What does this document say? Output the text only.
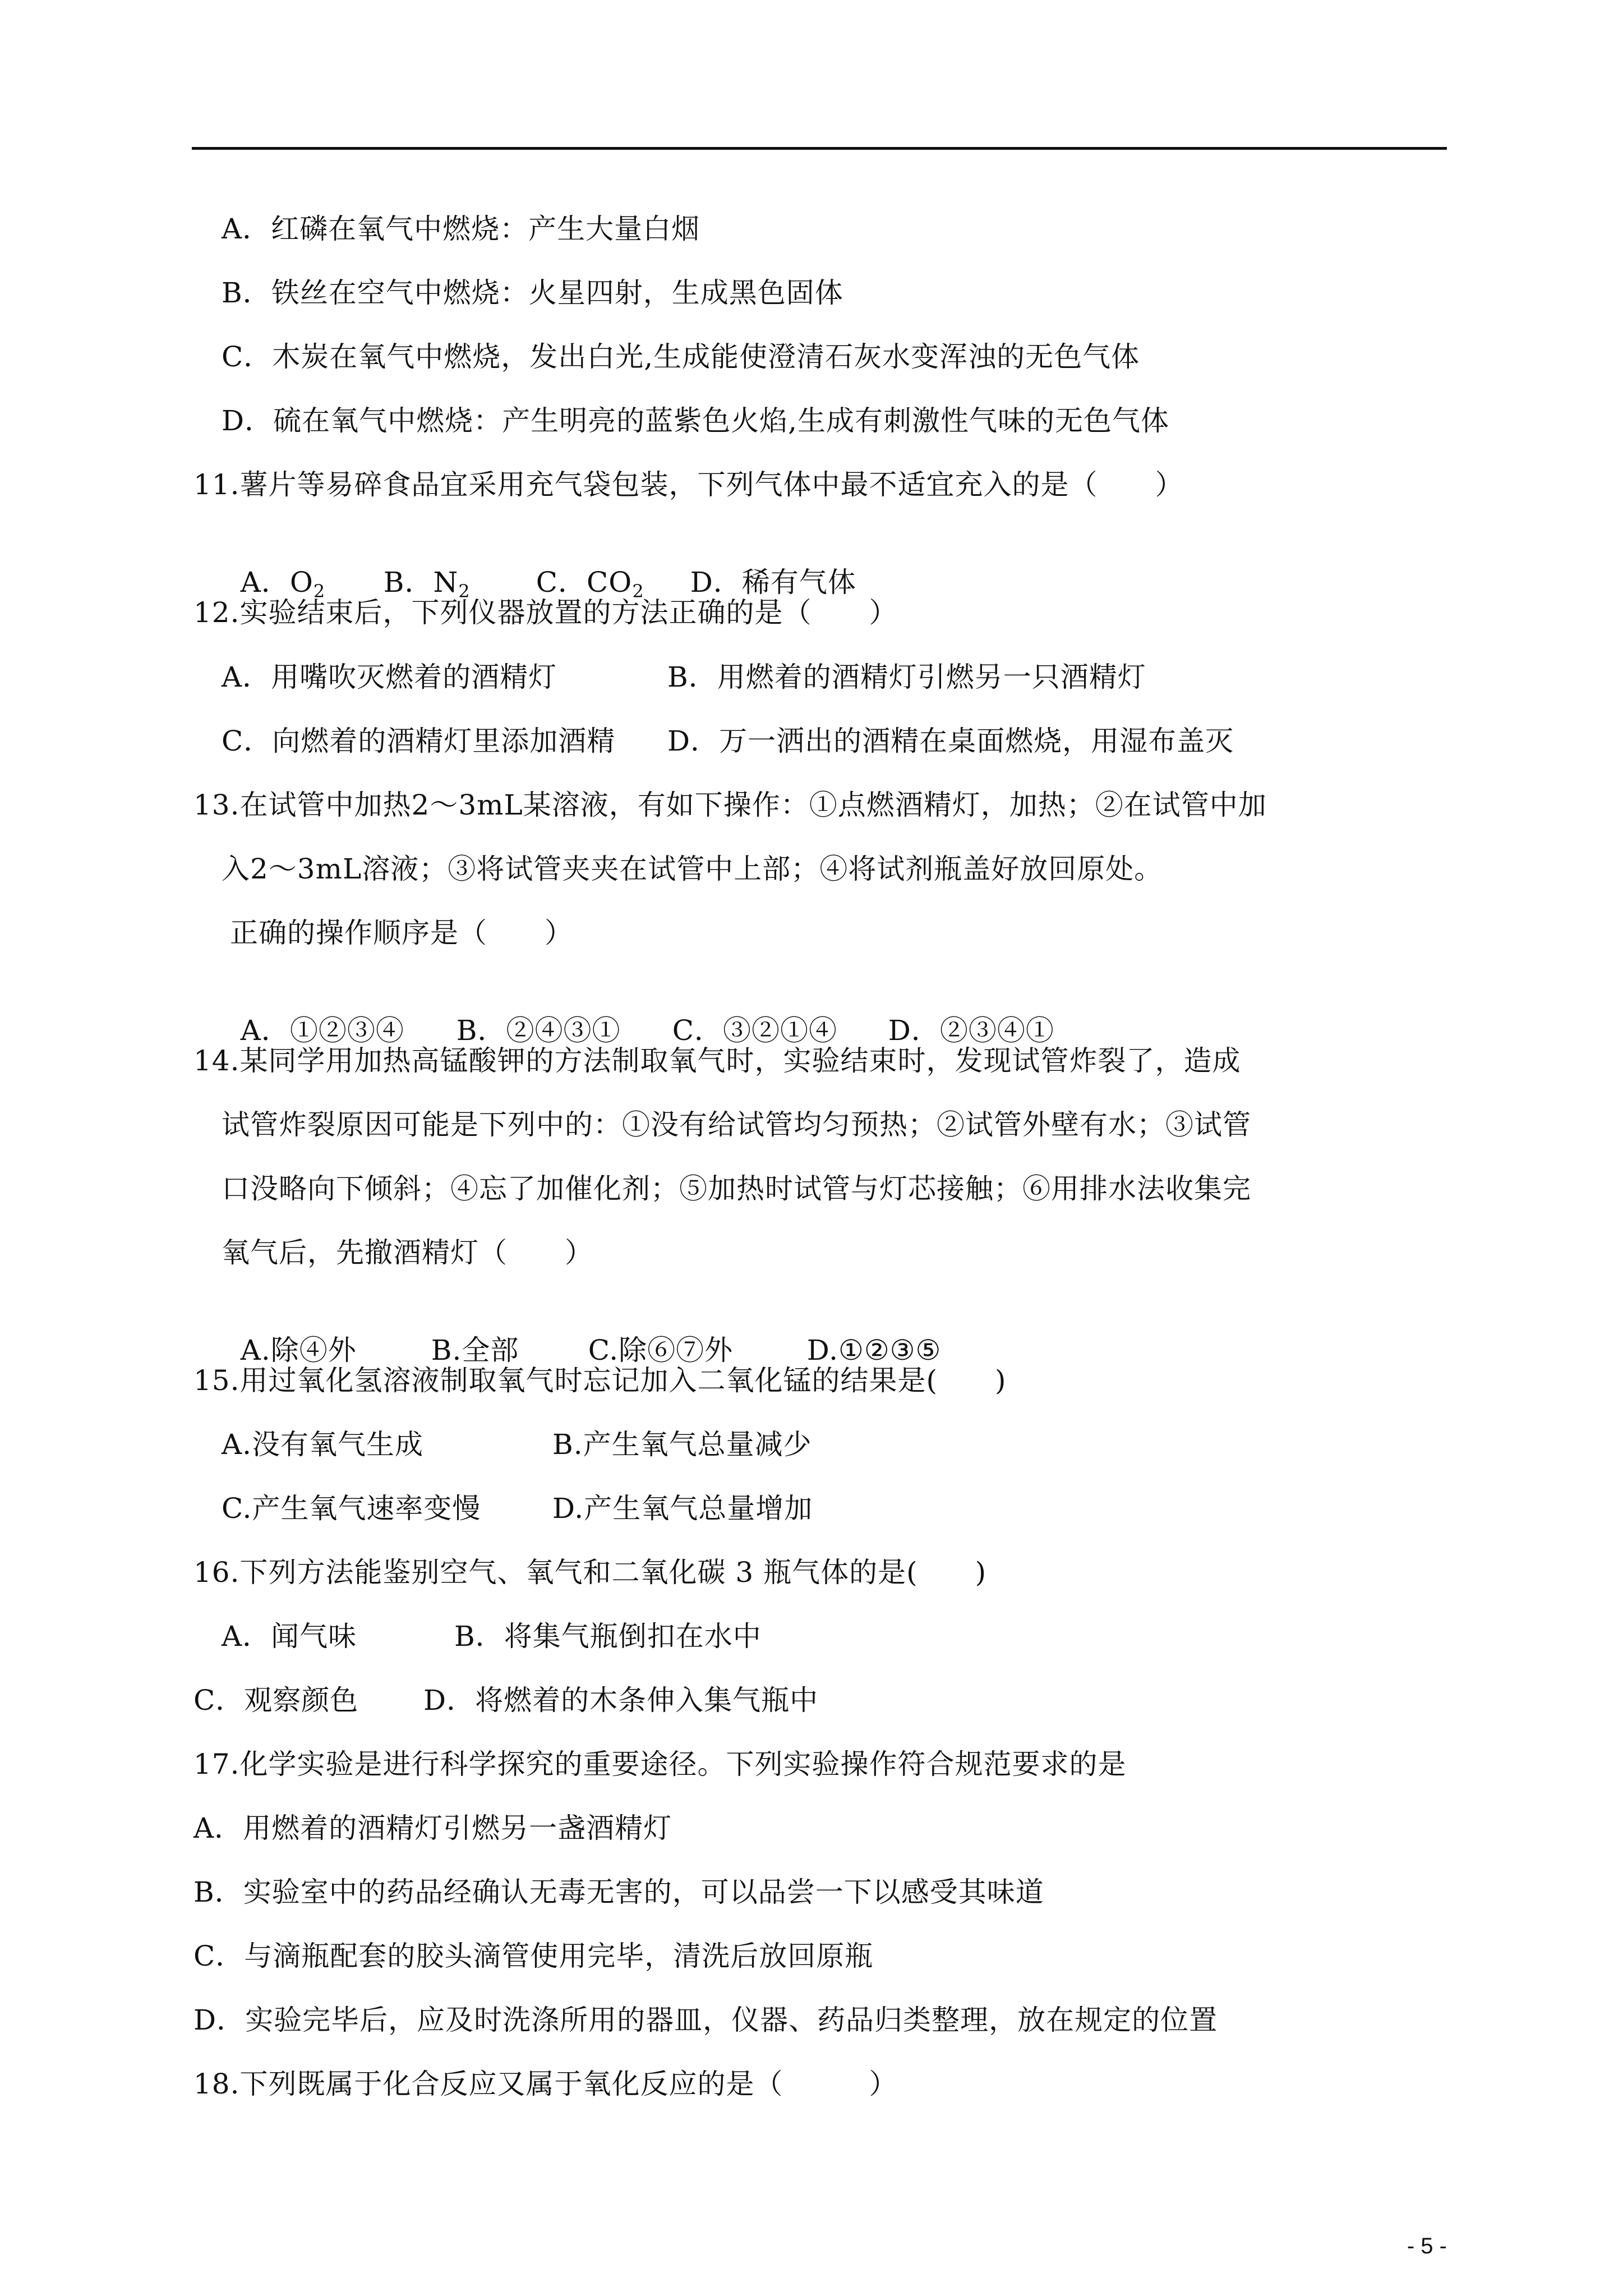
A．红磷在氧气中燃烧：产生大量白烟
B．铁丝在空气中燃烧：火星四射，生成黑色固体
C．木炭在氧气中燃烧，发出白光,生成能使澄清石灰水变浑浊的无色气体
D．硫在氧气中燃烧：产生明亮的蓝紫色火焰,生成有刺激性气味的无色气体
11.薯片等易碎食品宜采用充气袋包装，下列气体中最不适宜充入的是（　　）

A．$O_2$ B．$N_2$ C．$CO_2$ D．稀有气体

12.实验结束后，下列仪器放置的方法正确的是（　　）
A．用嘴吹灭燃着的酒精灯	B．用燃着的酒精灯引燃另一只酒精灯
C．向燃着的酒精灯里添加酒精 D．万一洒出的酒精在桌面燃烧，用湿布盖灭
13.在试管中加热2～3mL某溶液，有如下操作：①点燃酒精灯，加热；②在试管中加
入2～3mL溶液；③将试管夹夹在试管中上部；④将试剂瓶盖好放回原处。
正确的操作顺序是（　　）

A．①②③④ B．②④③① C．③②①④ D．②③④①

14.某同学用加热高锰酸钾的方法制取氧气时，实验结束时，发现试管炸裂了，造成
试管炸裂原因可能是下列中的：①没有给试管均匀预热；②试管外壁有水；③试管
口没略向下倾斜；④忘了加催化剂；⑤加热时试管与灯芯接触；⑥用排水法收集完
氧气后，先撤酒精灯（　　）

A.除④外	B.全部 C.除⑥⑦外	D.①②③⑤

15.用过氧化氢溶液制取氧气时忘记加入二氧化锰的结果是(　　)
A.没有氧气生成	B.产生氧气总量减少
C.产生氧气速率变慢	D.产生氧气总量增加
16.下列方法能鉴别空气、氧气和二氧化碳 3 瓶气体的是(　　)
A．闻气味	B．将集气瓶倒扣在水中
C．观察颜色 D．将燃着的木条伸入集气瓶中
17.化学实验是进行科学探究的重要途径。下列实验操作符合规范要求的是
A．用燃着的酒精灯引燃另一盏酒精灯
B．实验室中的药品经确认无毒无害的，可以品尝一下以感受其味道
C．与滴瓶配套的胶头滴管使用完毕，清洗后放回原瓶
D．实验完毕后，应及时洗涤所用的器皿，仪器、药品归类整理，放在规定的位置
18.下列既属于化合反应又属于氧化反应的是（　　　）
- 5 -
